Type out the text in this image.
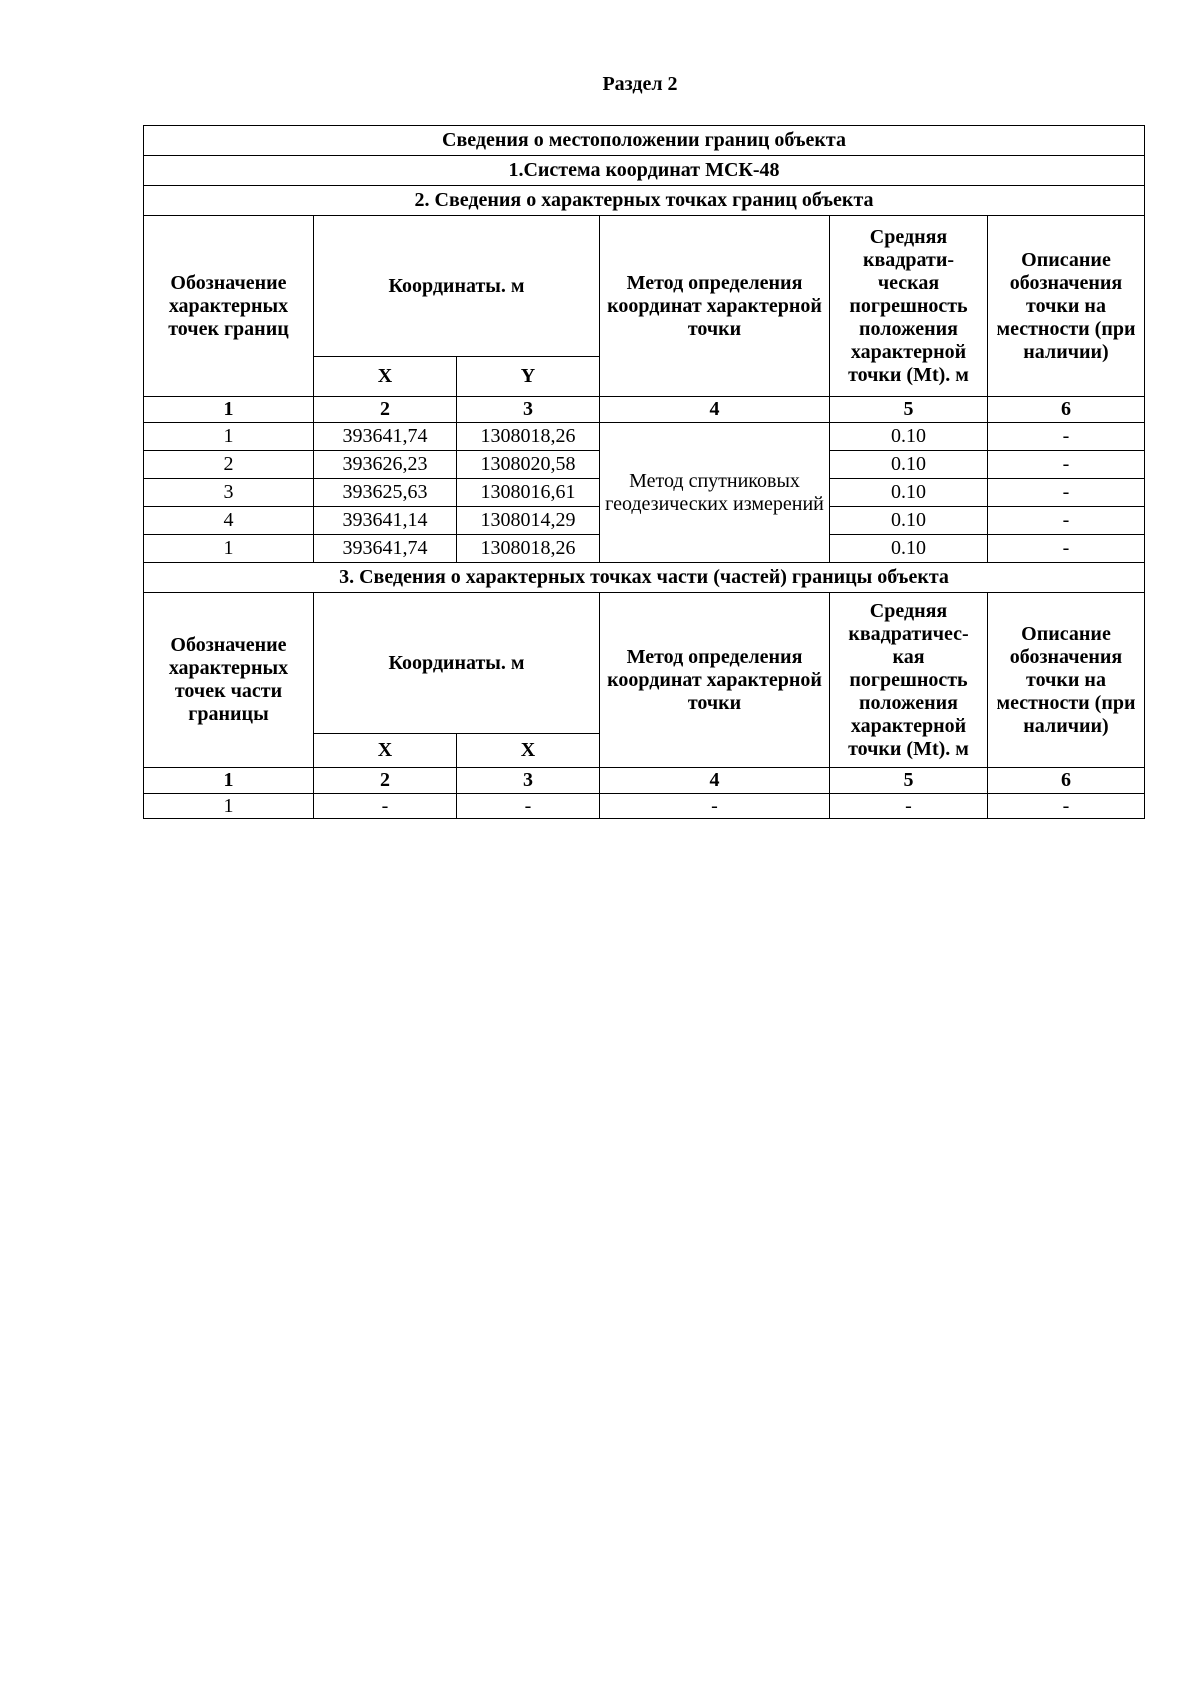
Раздел 2
Сведения о местоположении границ объекта					
1.Система координат МСК-48					
2. Сведения о характерных точках границ объекта					
Обозначение характерных точек границ	Координаты. м		Метод определения координат характерной точки	Средняя квадрати-ческая погрешность положения характерной точки (Mt). м	Описание обозначения точки на местности (при наличии)
	X	Y			
1	2	3	4	5	6
1	393641,74	1308018,26	Метод спутниковых геодезических измерений	0.10	-
2	393626,23	1308020,58		0.10	-
3	393625,63	1308016,61		0.10	-
4	393641,14	1308014,29		0.10	-
1	393641,74	1308018,26		0.10	-
3. Сведения о характерных точках части (частей) границы объекта					
Обозначение характерных точек части границы	Координаты. м		Метод определения координат характерной точки	Средняя квадратичес-кая погрешность положения характерной точки (Mt). м	Описание обозначения точки на местности (при наличии)
	X	X			
1	2	3	4	5	6
1	-	-	-	-	-
